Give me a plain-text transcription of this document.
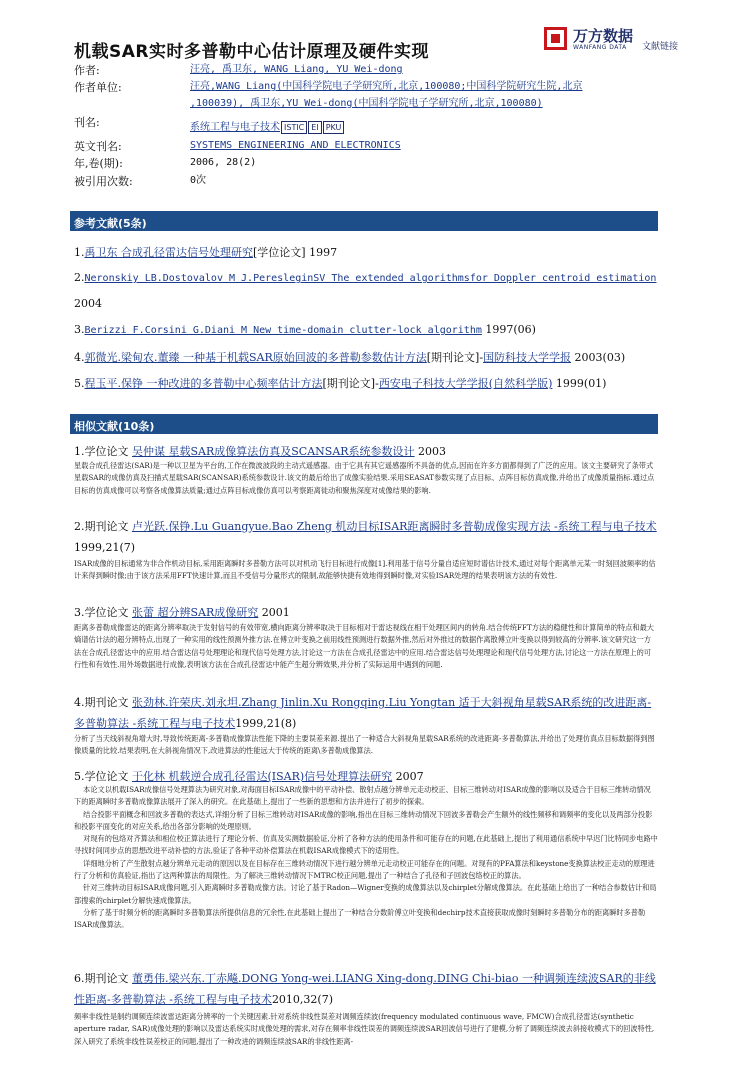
机载SAR实时多普勒中心估计原理及硬件实现
万方数据
WANFANG DATA 文献链接
作者:	汪亮, 禹卫东, WANG Liang, YU Wei-dong
作者单位:	汪亮,WANG Liang(中国科学院电子学研究所,北京,100080;中国科学院研究生院,北京
,100039), 禹卫东,YU Wei-dong(中国科学院电子学研究所,北京,100080)
刊名:	系统工程与电子技术 ISTIC EI PKU
英文刊名:	SYSTEMS ENGINEERING AND ELECTRONICS
年,卷(期):	2006, 28(2)
被引用次数:	0次
参考文献(5条)
1.禹卫东 合成孔径雷达信号处理研究[学位论文] 1997
2.Neronskiy LB.Dostovalov M J.PeresleginSV The extended algorithmsfor Doppler centroid estimation
2004
3.Berizzi F.Corsini G.Diani M New time-domain clutter-lock algorithm 1997(06)
4.郭微光.梁甸农.董臻 一种基于机载SAR原始回波的多普勒参数估计方法[期刊论文]-国防科技大学学报 2003(03)
5.程玉平.保铮 一种改进的多普勒中心频率估计方法[期刊论文]-西安电子科技大学学报(自然科学版) 1999(01)
相似文献(10条)
1.学位论文 吴仲谋 星载SAR成像算法仿真及SCANSAR系统参数设计 2003
星载合成孔径雷达(SAR)是一种以卫星为平台的,工作在微波波段的主动式遥感器。由于它具有其它遥感器所不具备的优点,因而在许多方面都得到了广泛的应用。该文主要研究了条带式星载SAR的成像仿真及扫描式星载SAR(SCANSAR)系统参数设计.该文的最后给出了成像实验结果.采用SEASAT参数实现了点目标、点阵目标仿真成像,并给出了成像质量指标.通过点目标的仿真成像可以考察各成像算法质量;通过点阵目标成像仿真可以考察距离徙动和聚焦深度对成像结果的影响.
2.期刊论文 卢光跃.保铮.Lu Guangyue.Bao Zheng 机动目标ISAR距离瞬时多普勒成像实现方法 -系统工程与电子技术1999,21(7)
ISAR成像的目标通常为非合作机动目标,采用距离瞬时多普勒方法可以对机动飞行目标进行成像[1].利用基于信号分量自适应短时谱估计技术,通过对每个距离单元某一时刻回波频率的估计来得到瞬时像;由于该方法采用FFT快速计算,而且不受信号分量形式的限制,故能够快捷有效地得到瞬时像,对实验ISAR处理的结果表明该方法的有效性.
3.学位论文 张蕾 超分辨SAR成像研究 2001
距离多普勒成像雷达的距离分辨率取决于发射信号的有效带宽,横向距离分辨率取决于目标相对于雷达视线在相干处理区间内的转角.结合传统FFT方法的稳健性和计算简单的特点和最大熵谱估计法的超分辨特点,出现了一种实用的线性预测外推方法.在傅立叶变换之前用线性预测进行数据外推,然后对外推过的数据作离散傅立叶变换以得到较高的分辨率.该文研究这一方法在合成孔径雷达中的应用.结合雷达信号处理理论和现代信号处理方法,讨论这一方法在合成孔径雷达中的应用.结合雷达信号处理理论和现代信号处理方法,讨论这一方法在原理上的可行性和有效性.用外场数据进行成像,表明该方法在合成孔径雷达中能产生超分辨效果,并分析了实际运用中遇到的问题.
4.期刊论文 张劲林.许荣庆.刘永坦.Zhang Jinlin.Xu Rongqing.Liu Yongtan 适于大斜视角星载SAR系统的改进距离-多普勒算法 -系统工程与电子技术1999,21(8)
分析了当天线斜视角增大时,导致传统距离-多普勒成像算法性能下降的主要误差来源.提出了一种适合大斜视角星载SAR系统的改进距离-多普勒算法,并给出了处理仿真点目标数据得到图像质量的比较.结果表明,在大斜视角情况下,改进算法的性能远大于传统的距离\多普勒成像算法.
5.学位论文 于化林 机载逆合成孔径雷达(ISAR)信号处理算法研究 2007
本论文以机载ISAR成像信号处理算法为研究对象,对海面目标ISAR成像中的平动补偿、散射点越分辨单元走动校正、目标三维转动对ISAR成像的影响以及适合于目标三维转动情况下的距离瞬时多普勒成像算法展开了深入的研究。在此基础上,提出了一些新的思想和方法并进行了初步的探索。
结合投影平面概念和回波多普勒的表达式,详细分析了目标三维转动对ISAR成像的影响,指出在目标三维转动情况下回波多普勒会产生额外的线性频移和调频率的变化以及两部分投影和投影平面变化的对应关系,给出各部分影响的处理原则。
对现有的包络对齐算法和相位校正算法进行了理论分析、仿真及实测数据验证,分析了各种方法的使用条件和可能存在的问题,在此基础上,提出了利用通信系统中早迟门比特同步电路中寻找时间同步点的思想改进平动补偿的方法,验证了各种平动补偿算法在机载ISAR成像模式下的适用性。
详细地分析了产生散射点越分辨单元走动的原因以及在目标存在三维转动情况下进行越分辨单元走动校正可能存在的问题。对现有的PFA算法和keystone变换算法校正走动的原理进行了分析和仿真验证,指出了这两种算法的局限性。为了解决三维转动情况下MTRC校正问题,提出了一种结合了孔径和子回波包络校正的算法。
针对三维转动目标ISAR成像问题,引入距离瞬时多普勒成像方法。讨论了基于Radon—Wigner变换的成像算法以及chirplet分解成像算法。在此基础上给出了一种结合参数估计和局部搜索的chirplet分解快速成像算法。
分析了基于时频分析的距离瞬时多普勒算法所提供信息的冗余性,在此基础上提出了一种结合分数阶傅立叶变换和dechirp技术直接获取成像时刻瞬时多普勒分布的距离瞬时多普勒ISAR成像算法。
6.期刊论文 董勇伟.梁兴东.丁赤飚.DONG Yong-wei.LIANG Xing-dong.DING Chi-biao 一种调频连续波SAR的非线性距离-多普勒算法 -系统工程与电子技术2010,32(7)
频率非线性是制约调频连续波雷达距离分辨率的一个关键因素.针对系统非线性误差对调频连续波(frequency modulated continuous wave, FMCW)合成孔径雷达(synthetic aperture radar, SAR)成像处理的影响以及雷达系统实时成像处理的需求,对存在频率非线性误差的调频连续波SAR回波信号进行了建模,分析了调频连续波去斜接收模式下的回波特性,深入研究了系统非线性误差校正的问题,提出了一种改进的调频连续波SAR的非线性距离-
